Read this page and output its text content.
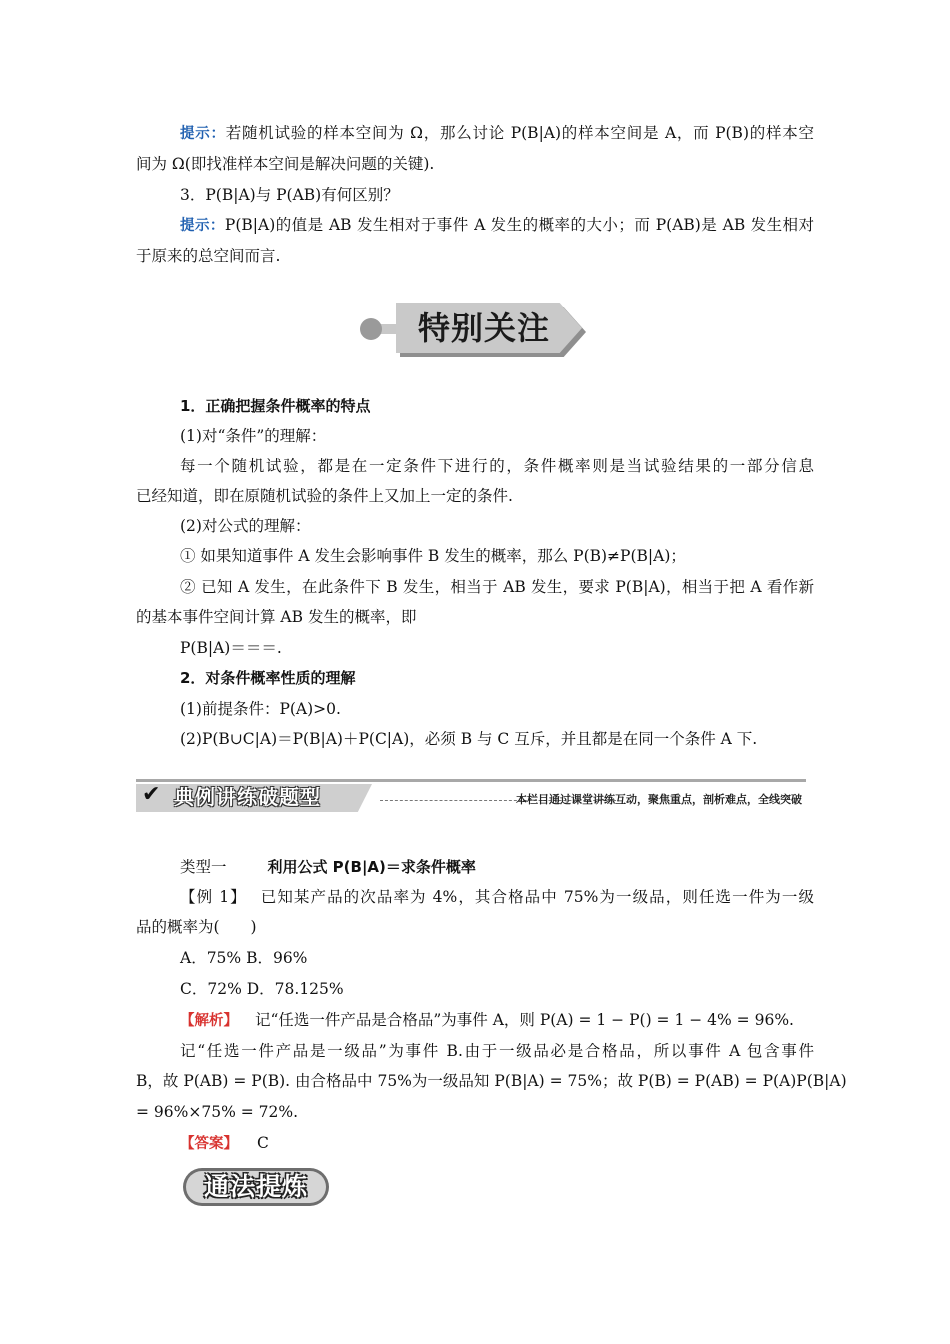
提示：若随机试验的样本空间为 Ω，那么讨论 P(B|A)的样本空间是 A，而 P(B)的样本空
间为 Ω(即找准样本空间是解决问题的关键).
3．P(B|A)与 P(AB)有何区别？
提示：P(B|A)的值是 AB 发生相对于事件 A 发生的概率的大小；而 P(AB)是 AB 发生相对
于原来的总空间而言.
特别关注
1．正确把握条件概率的特点
(1)对“条件”的理解：
每一个随机试验，都是在一定条件下进行的，条件概率则是当试验结果的一部分信息
已经知道，即在原随机试验的条件上又加上一定的条件.
(2)对公式的理解：
① 如果知道事件 A 发生会影响事件 B 发生的概率，那么 P(B)≠P(B|A)；
② 已知 A 发生，在此条件下 B 发生，相当于 AB 发生，要求 P(B|A)，相当于把 A 看作新
的基本事件空间计算 AB 发生的概率，即
P(B|A)＝＝＝.
2．对条件概率性质的理解
(1)前提条件：P(A)>0.
(2)P(B∪C|A)＝P(B|A)＋P(C|A)，必须 B 与 C 互斥，并且都是在同一个条件 A 下.
✔ 典例讲练破题型	本栏目通过课堂讲练互动，聚焦重点，剖析难点，全线突破
类型一	利用公式 P(B|A)＝求条件概率
【例 1】 已知某产品的次品率为 4%，其合格品中 75%为一级品，则任选一件为一级
品的概率为(　　)
A．75% B．96%
C．72% D．78.125%
【解析】 记“任选一件产品是合格品”为事件 A，则 P(A) = 1 − P() = 1 − 4% = 96%.
记“任选一件产品是一级品”为事件 B.由于一级品必是合格品，所以事件 A 包含事件
B，故 P(AB) = P(B). 由合格品中 75%为一级品知 P(B|A) = 75%；故 P(B) = P(AB) = P(A)P(B|A)
= 96%×75% = 72%.
【答案】 C
通法提炼
